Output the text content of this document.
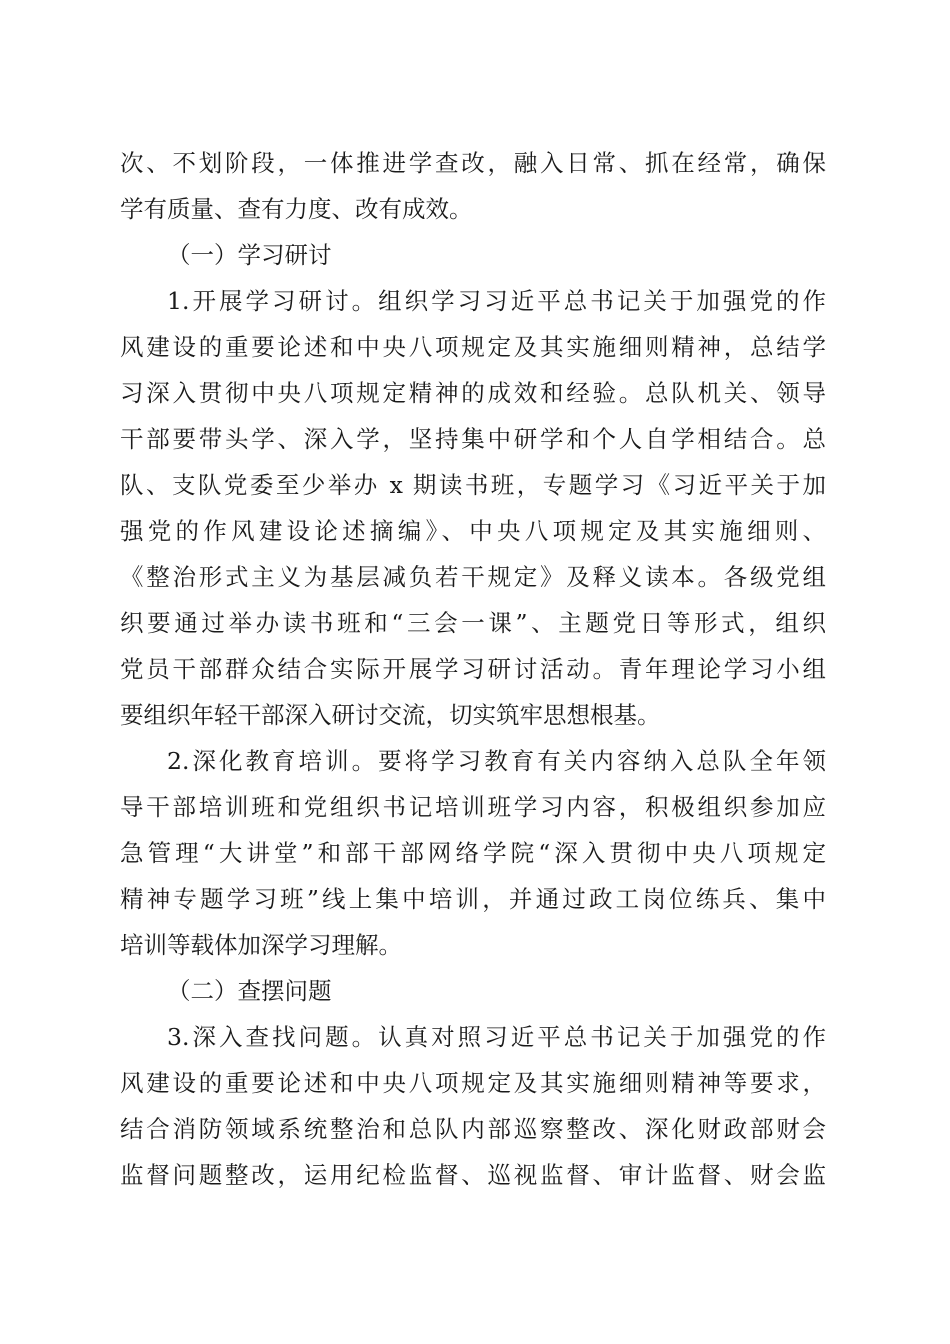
次、不划阶段，一体推进学查改，融入日常、抓在经常，确保
学有质量、查有力度、改有成效。
（一）学习研讨
1.开展学习研讨。组织学习习近平总书记关于加强党的作
风建设的重要论述和中央八项规定及其实施细则精神，总结学
习深入贯彻中央八项规定精神的成效和经验。总队机关、领导
干部要带头学、深入学，坚持集中研学和个人自学相结合。总
队、支队党委至少举办 x 期读书班，专题学习《习近平关于加
强党的作风建设论述摘编》、中央八项规定及其实施细则、
《整治形式主义为基层减负若干规定》及释义读本。各级党组
织要通过举办读书班和“三会一课”、主题党日等形式，组织
党员干部群众结合实际开展学习研讨活动。青年理论学习小组
要组织年轻干部深入研讨交流，切实筑牢思想根基。
2.深化教育培训。要将学习教育有关内容纳入总队全年领
导干部培训班和党组织书记培训班学习内容，积极组织参加应
急管理“大讲堂”和部干部网络学院“深入贯彻中央八项规定
精神专题学习班”线上集中培训，并通过政工岗位练兵、集中
培训等载体加深学习理解。
（二）查摆问题
3.深入查找问题。认真对照习近平总书记关于加强党的作
风建设的重要论述和中央八项规定及其实施细则精神等要求，
结合消防领域系统整治和总队内部巡察整改、深化财政部财会
监督问题整改，运用纪检监督、巡视监督、审计监督、财会监
